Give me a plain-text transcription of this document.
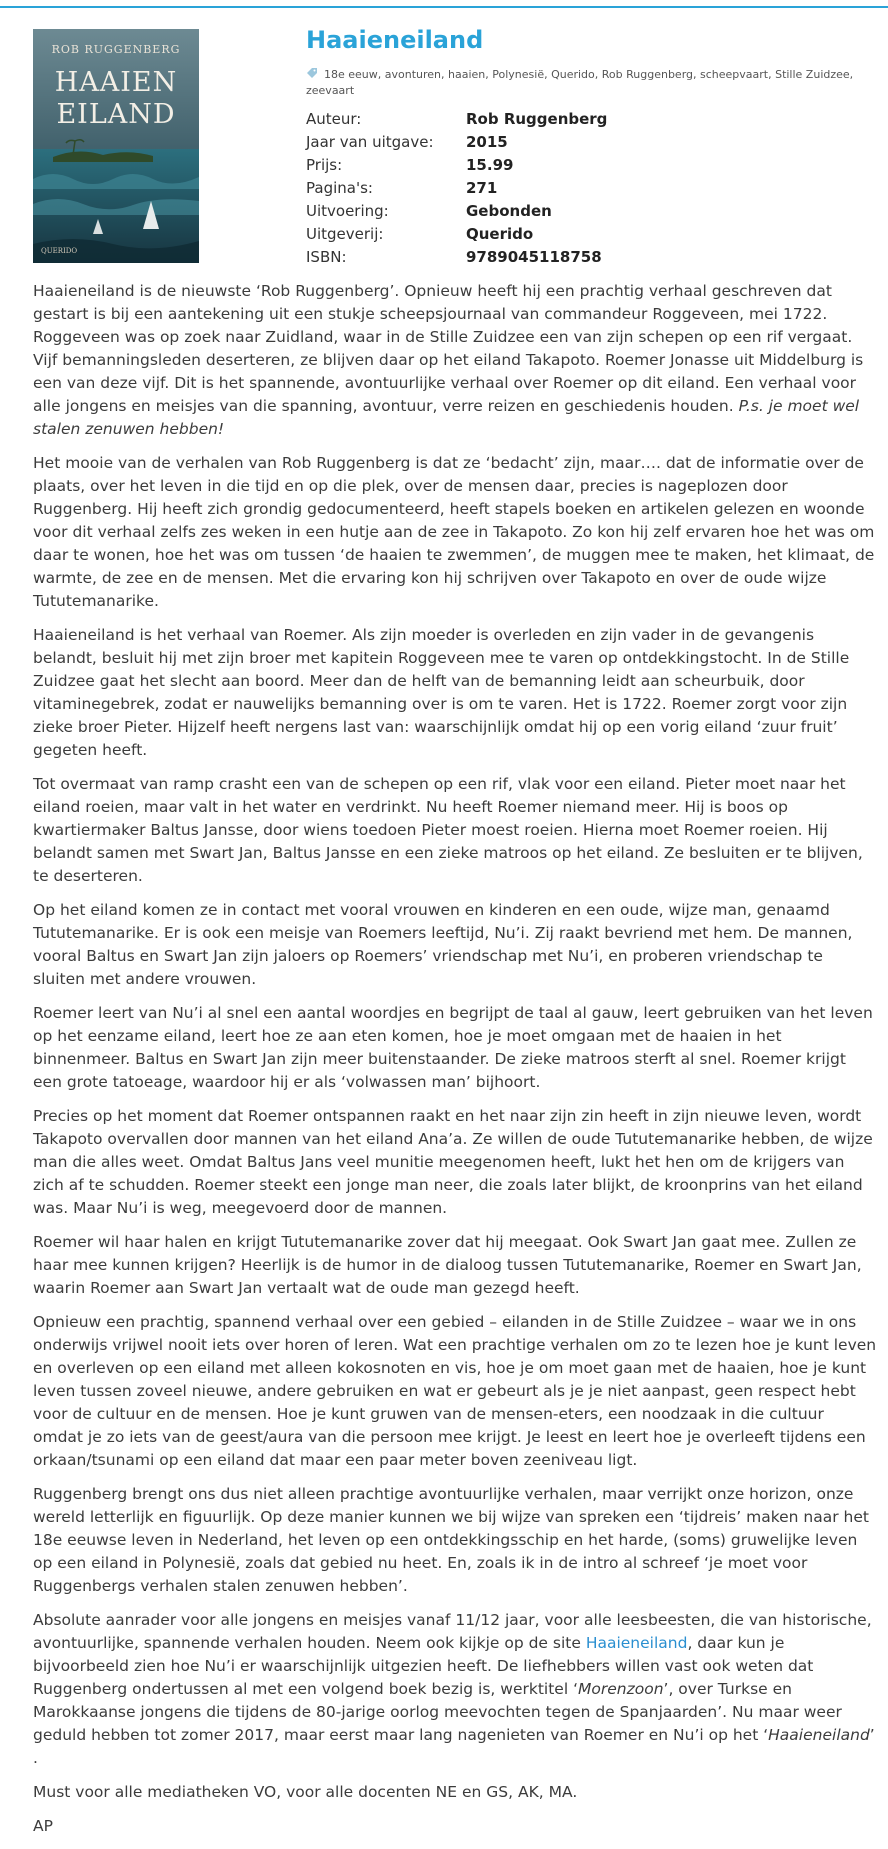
ROB RUGGENBERG
HAAIEN
EILAND
QUERIDO
Haaieneiland
18e eeuw, avonturen, haaien, Polynesië, Querido, Rob Ruggenberg, scheepvaart, Stille Zuidzee, zeevaart
Auteur:	Rob Ruggenberg
Jaar van uitgave: 2015
Prijs:	15.99
Pagina's:	271
Uitvoering:	Gebonden
Uitgeverij:	Querido
ISBN:	9789045118758

Haaieneiland is de nieuwste ‘Rob Ruggenberg’. Opnieuw heeft hij een prachtig verhaal geschreven dat gestart is bij een aantekening uit een stukje scheepsjournaal van commandeur Roggeveen, mei 1722. Roggeveen was op zoek naar Zuidland, waar in de Stille Zuidzee een van zijn schepen op een rif vergaat. Vijf bemanningsleden deserteren, ze blijven daar op het eiland Takapoto. Roemer Jonasse uit Middelburg is een van deze vijf. Dit is het spannende, avontuurlijke verhaal over Roemer op dit eiland. Een verhaal voor alle jongens en meisjes van die spanning, avontuur, verre reizen en geschiedenis houden. P.s. je moet wel stalen zenuwen hebben!

Het mooie van de verhalen van Rob Ruggenberg is dat ze ‘bedacht’ zijn, maar…. dat de informatie over de plaats, over het leven in die tijd en op die plek, over de mensen daar, precies is nageplozen door Ruggenberg. Hij heeft zich grondig gedocumenteerd, heeft stapels boeken en artikelen gelezen en woonde voor dit verhaal zelfs zes weken in een hutje aan de zee in Takapoto. Zo kon hij zelf ervaren hoe het was om daar te wonen, hoe het was om tussen ‘de haaien te zwemmen’, de muggen mee te maken, het klimaat, de warmte, de zee en de mensen. Met die ervaring kon hij schrijven over Takapoto en over de oude wijze Tututemanarike.

Haaieneiland is het verhaal van Roemer. Als zijn moeder is overleden en zijn vader in de gevangenis belandt, besluit hij met zijn broer met kapitein Roggeveen mee te varen op ontdekkingstocht. In de Stille Zuidzee gaat het slecht aan boord. Meer dan de helft van de bemanning leidt aan scheurbuik, door vitaminegebrek, zodat er nauwelijks bemanning over is om te varen. Het is 1722. Roemer zorgt voor zijn zieke broer Pieter. Hijzelf heeft nergens last van: waarschijnlijk omdat hij op een vorig eiland ‘zuur fruit’ gegeten heeft.

Tot overmaat van ramp crasht een van de schepen op een rif, vlak voor een eiland. Pieter moet naar het eiland roeien, maar valt in het water en verdrinkt. Nu heeft Roemer niemand meer. Hij is boos op kwartiermaker Baltus Jansse, door wiens toedoen Pieter moest roeien. Hierna moet Roemer roeien. Hij belandt samen met Swart Jan, Baltus Jansse en een zieke matroos op het eiland. Ze besluiten er te blijven, te deserteren.

Op het eiland komen ze in contact met vooral vrouwen en kinderen en een oude, wijze man, genaamd Tututemanarike. Er is ook een meisje van Roemers leeftijd, Nu’i. Zij raakt bevriend met hem. De mannen, vooral Baltus en Swart Jan zijn jaloers op Roemers’ vriendschap met Nu’i, en proberen vriendschap te sluiten met andere vrouwen.

Roemer leert van Nu’i al snel een aantal woordjes en begrijpt de taal al gauw, leert gebruiken van het leven op het eenzame eiland, leert hoe ze aan eten komen, hoe je moet omgaan met de haaien in het binnenmeer. Baltus en Swart Jan zijn meer buitenstaander. De zieke matroos sterft al snel. Roemer krijgt een grote tatoeage, waardoor hij er als ‘volwassen man’ bijhoort.

Precies op het moment dat Roemer ontspannen raakt en het naar zijn zin heeft in zijn nieuwe leven, wordt Takapoto overvallen door mannen van het eiland Ana’a. Ze willen de oude Tututemanarike hebben, de wijze man die alles weet. Omdat Baltus Jans veel munitie meegenomen heeft, lukt het hen om de krijgers van zich af te schudden. Roemer steekt een jonge man neer, die zoals later blijkt, de kroonprins van het eiland was. Maar Nu’i is weg, meegevoerd door de mannen.

Roemer wil haar halen en krijgt Tututemanarike zover dat hij meegaat. Ook Swart Jan gaat mee. Zullen ze haar mee kunnen krijgen? Heerlijk is de humor in de dialoog tussen Tututemanarike, Roemer en Swart Jan, waarin Roemer aan Swart Jan vertaalt wat de oude man gezegd heeft.

Opnieuw een prachtig, spannend verhaal over een gebied – eilanden in de Stille Zuidzee – waar we in ons onderwijs vrijwel nooit iets over horen of leren. Wat een prachtige verhalen om zo te lezen hoe je kunt leven en overleven op een eiland met alleen kokosnoten en vis, hoe je om moet gaan met de haaien, hoe je kunt leven tussen zoveel nieuwe, andere gebruiken en wat er gebeurt als je je niet aanpast, geen respect hebt voor de cultuur en de mensen. Hoe je kunt gruwen van de mensen-eters, een noodzaak in die cultuur omdat je zo iets van de geest/aura van die persoon mee krijgt. Je leest en leert hoe je overleeft tijdens een orkaan/tsunami op een eiland dat maar een paar meter boven zeeniveau ligt.

Ruggenberg brengt ons dus niet alleen prachtige avontuurlijke verhalen, maar verrijkt onze horizon, onze wereld letterlijk en figuurlijk. Op deze manier kunnen we bij wijze van spreken een ‘tijdreis’ maken naar het 18e eeuwse leven in Nederland, het leven op een ontdekkingsschip en het harde, (soms) gruwelijke leven op een eiland in Polynesië, zoals dat gebied nu heet. En, zoals ik in de intro al schreef ‘je moet voor Ruggenbergs verhalen stalen zenuwen hebben’.

Absolute aanrader voor alle jongens en meisjes vanaf 11/12 jaar, voor alle leesbeesten, die van historische, avontuurlijke, spannende verhalen houden. Neem ook kijkje op de site Haaieneiland, daar kun je bijvoorbeeld zien hoe Nu’i er waarschijnlijk uitgezien heeft. De liefhebbers willen vast ook weten dat Ruggenberg ondertussen al met een volgend boek bezig is, werktitel ‘Morenzoon’, over Turkse en Marokkaanse jongens die tijdens de 80-jarige oorlog meevochten tegen de Spanjaarden’. Nu maar weer geduld hebben tot zomer 2017, maar eerst maar lang nagenieten van Roemer en Nu’i op het ‘Haaieneiland’ .

Must voor alle mediatheken VO, voor alle docenten NE en GS, AK, MA.

AP
